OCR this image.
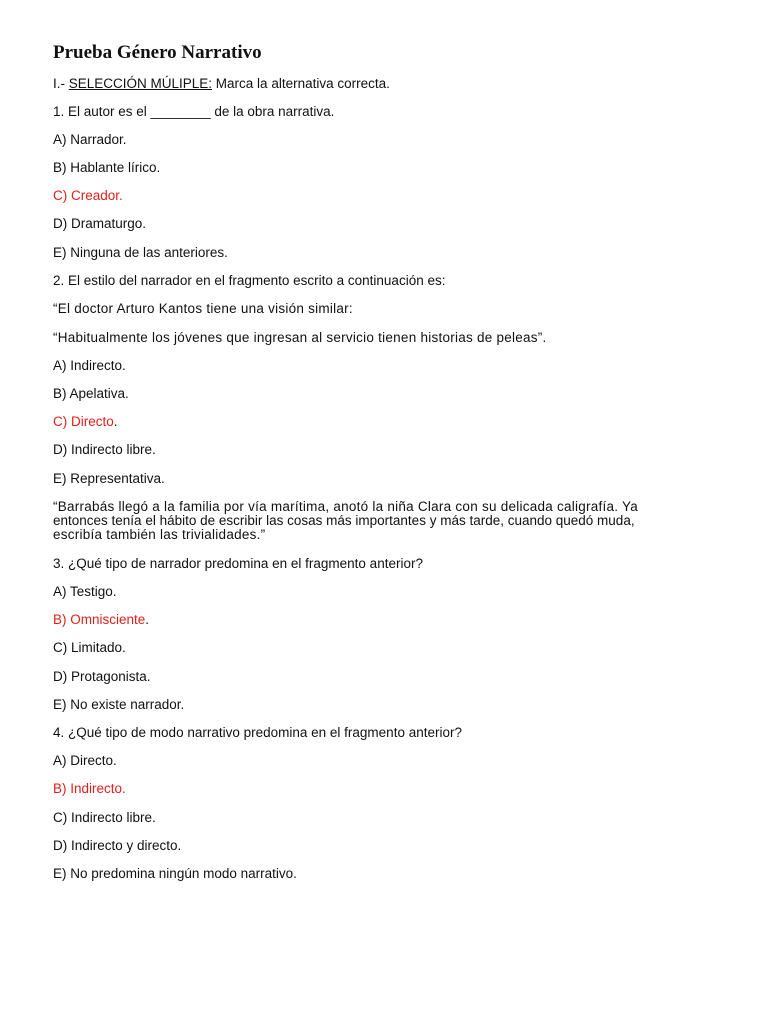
Prueba Género Narrativo

I.- SELECCIÓN MÚLIPLE: Marca la alternativa correcta.

1. El autor es el ________ de la obra narrativa.

A) Narrador.

B) Hablante lírico.

C) Creador.

D) Dramaturgo.

E) Ninguna de las anteriores.

2. El estilo del narrador en el fragmento escrito a continuación es:

“El doctor Arturo Kantos tiene una visión similar:

“Habitualmente los jóvenes que ingresan al servicio tienen historias de peleas”.

A) Indirecto.

B) Apelativa.

C) Directo.

D) Indirecto libre.

E) Representativa.

“Barrabás llegó a la familia por vía marítima, anotó la niña Clara con su delicada caligrafía. Ya
entonces tenía el hábito de escribir las cosas más importantes y más tarde, cuando quedó muda,
escribía también las trivialidades.”

3. ¿Qué tipo de narrador predomina en el fragmento anterior?

A) Testigo.

B) Omnisciente.

C) Limitado.

D) Protagonista.

E) No existe narrador.

4. ¿Qué tipo de modo narrativo predomina en el fragmento anterior?

A) Directo.

B) Indirecto.

C) Indirecto libre.

D) Indirecto y directo.

E) No predomina ningún modo narrativo.
